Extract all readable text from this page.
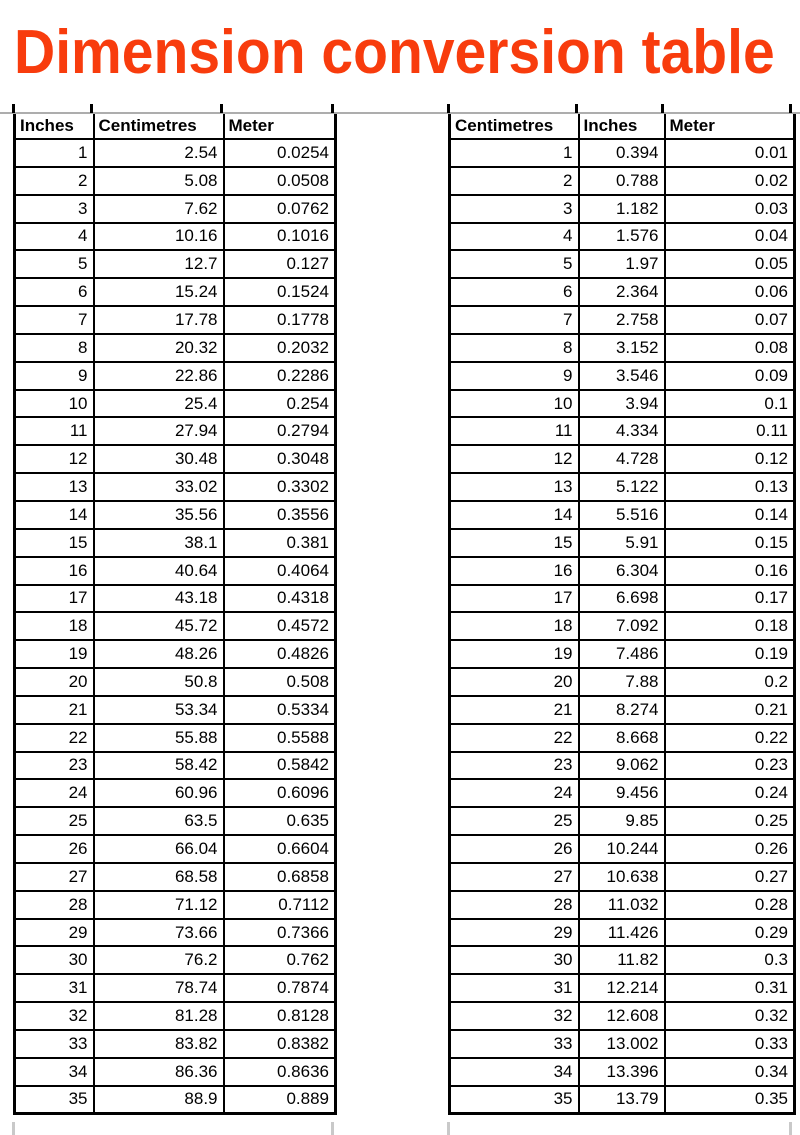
Dimension conversion table
Inches	Centimetres	Meter
1	2.54	0.0254
2	5.08	0.0508
3	7.62	0.0762
4	10.16	0.1016
5	12.7	0.127
6	15.24	0.1524
7	17.78	0.1778
8	20.32	0.2032
9	22.86	0.2286
10	25.4	0.254
11	27.94	0.2794
12	30.48	0.3048
13	33.02	0.3302
14	35.56	0.3556
15	38.1	0.381
16	40.64	0.4064
17	43.18	0.4318
18	45.72	0.4572
19	48.26	0.4826
20	50.8	0.508
21	53.34	0.5334
22	55.88	0.5588
23	58.42	0.5842
24	60.96	0.6096
25	63.5	0.635
26	66.04	0.6604
27	68.58	0.6858
28	71.12	0.7112
29	73.66	0.7366
30	76.2	0.762
31	78.74	0.7874
32	81.28	0.8128
33	83.82	0.8382
34	86.36	0.8636
35	88.9	0.889
Centimetres	Inches	Meter
1	0.394	0.01
2	0.788	0.02
3	1.182	0.03
4	1.576	0.04
5	1.97	0.05
6	2.364	0.06
7	2.758	0.07
8	3.152	0.08
9	3.546	0.09
10	3.94	0.1
11	4.334	0.11
12	4.728	0.12
13	5.122	0.13
14	5.516	0.14
15	5.91	0.15
16	6.304	0.16
17	6.698	0.17
18	7.092	0.18
19	7.486	0.19
20	7.88	0.2
21	8.274	0.21
22	8.668	0.22
23	9.062	0.23
24	9.456	0.24
25	9.85	0.25
26	10.244	0.26
27	10.638	0.27
28	11.032	0.28
29	11.426	0.29
30	11.82	0.3
31	12.214	0.31
32	12.608	0.32
33	13.002	0.33
34	13.396	0.34
35	13.79	0.35
